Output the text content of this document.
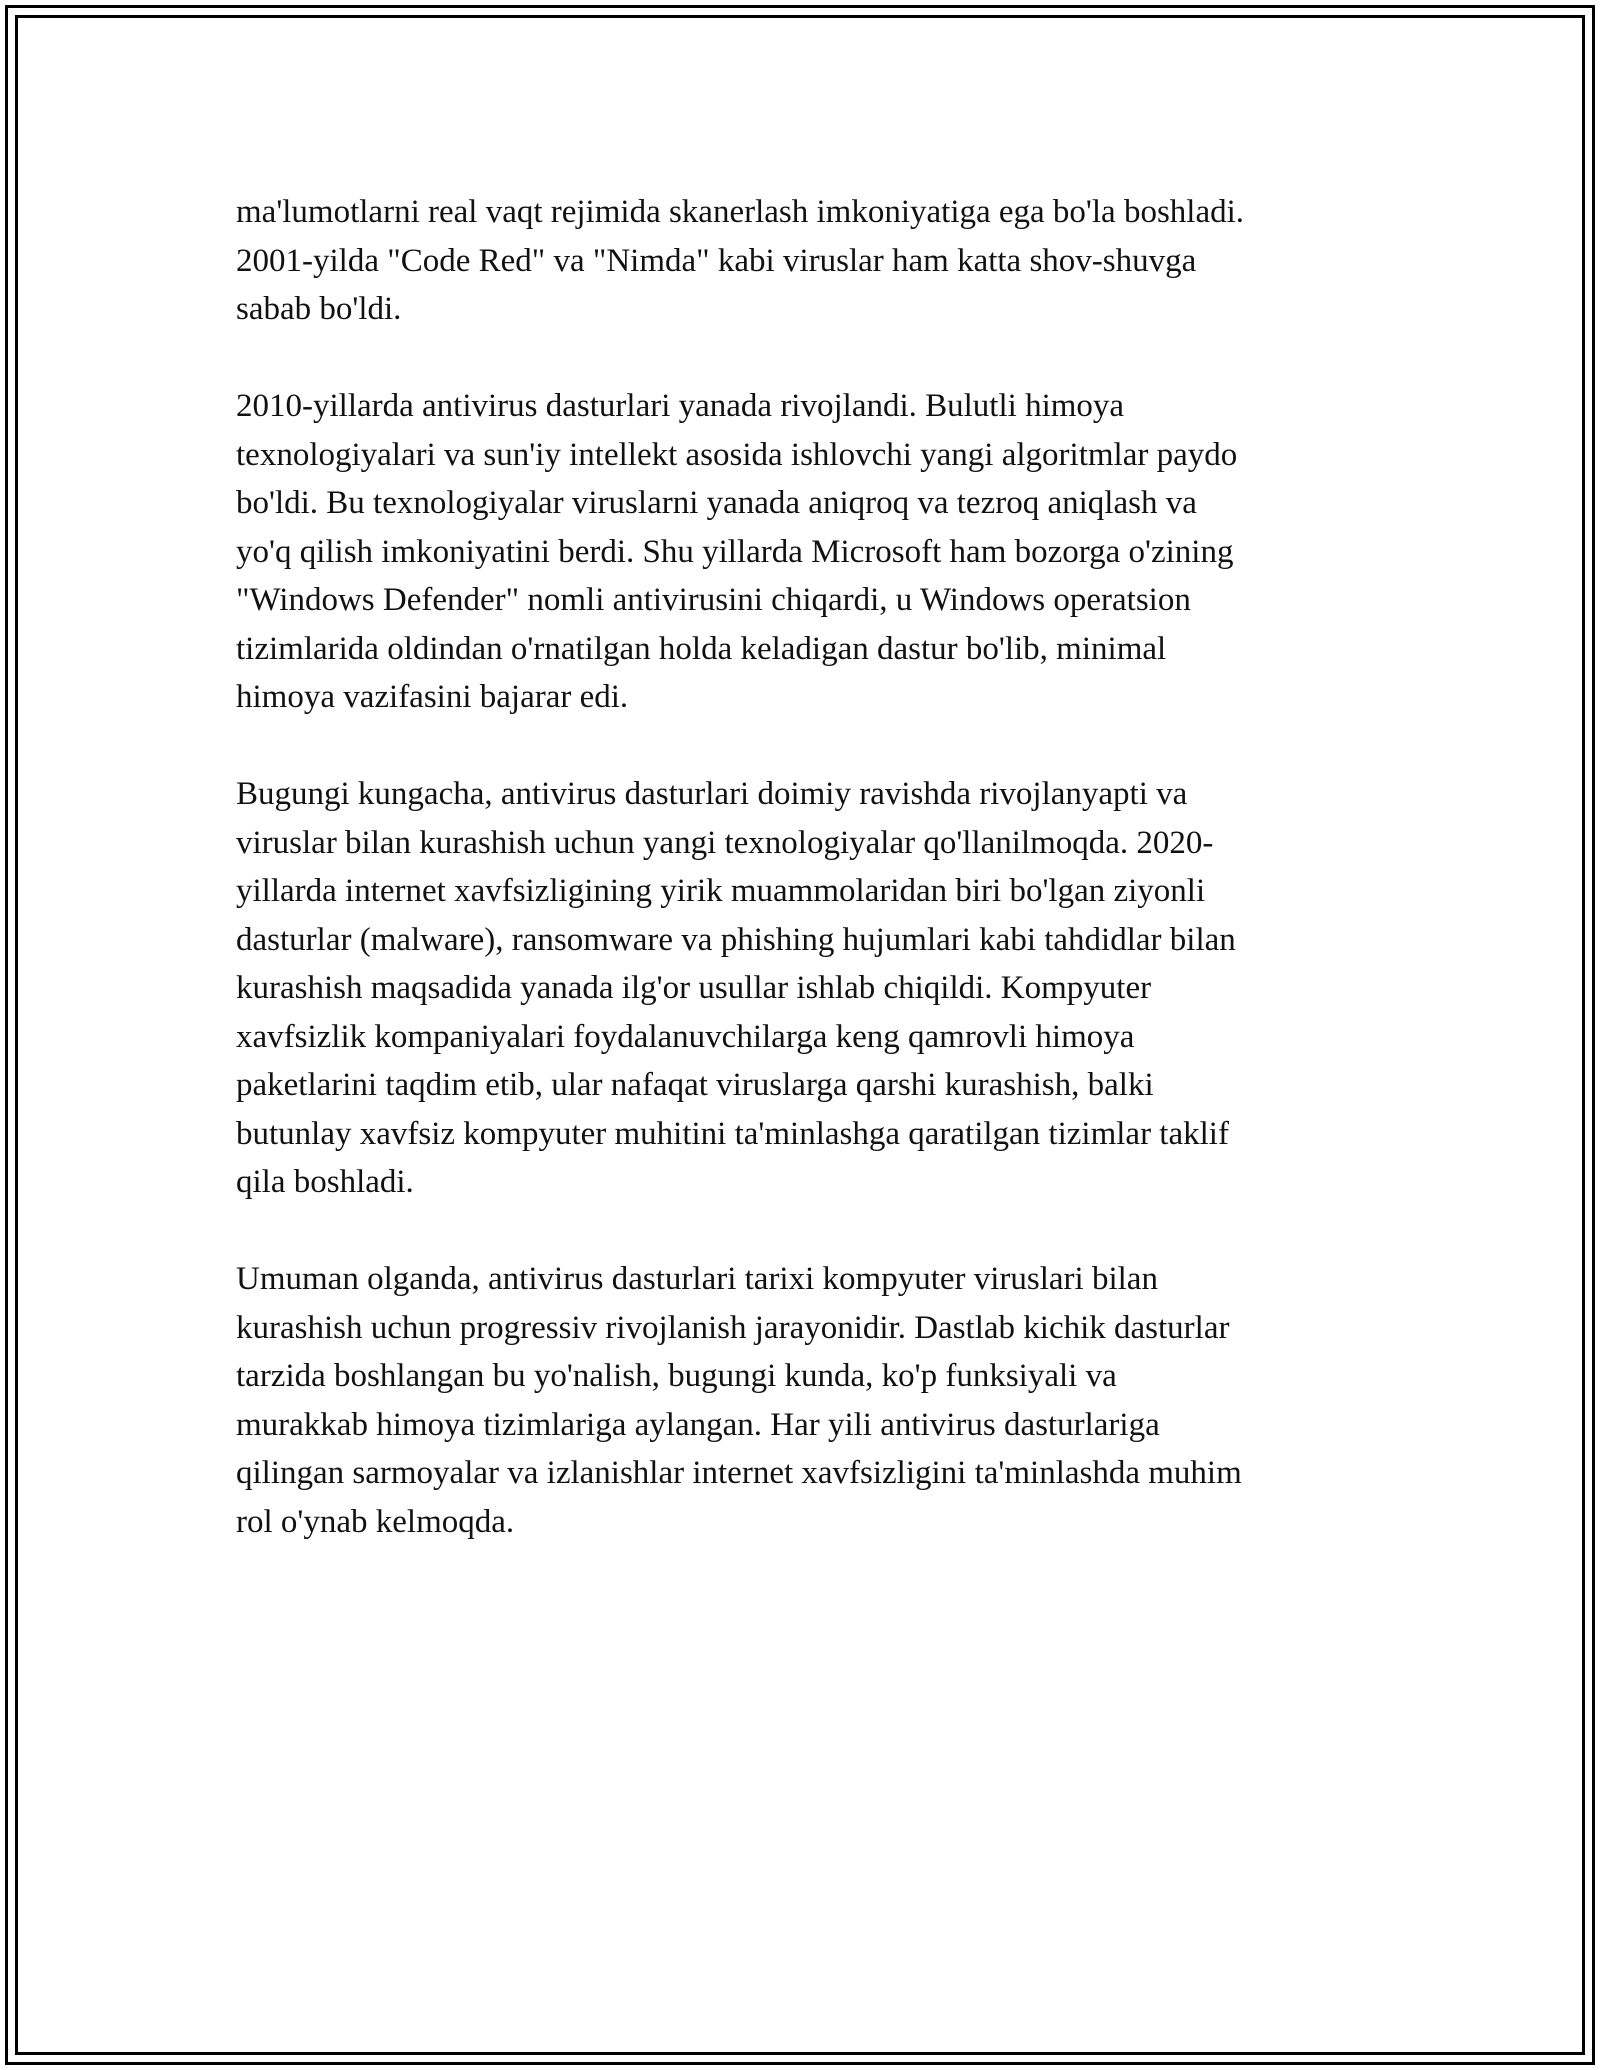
ma'lumotlarni real vaqt rejimida skanerlash imkoniyatiga ega bo'la boshladi.
2001-yilda "Code Red" va "Nimda" kabi viruslar ham katta shov-shuvga
sabab bo'ldi.

2010-yillarda antivirus dasturlari yanada rivojlandi. Bulutli himoya
texnologiyalari va sun'iy intellekt asosida ishlovchi yangi algoritmlar paydo
bo'ldi. Bu texnologiyalar viruslarni yanada aniqroq va tezroq aniqlash va
yo'q qilish imkoniyatini berdi. Shu yillarda Microsoft ham bozorga o'zining
"Windows Defender" nomli antivirusini chiqardi, u Windows operatsion
tizimlarida oldindan o'rnatilgan holda keladigan dastur bo'lib, minimal
himoya vazifasini bajarar edi.

Bugungi kungacha, antivirus dasturlari doimiy ravishda rivojlanyapti va
viruslar bilan kurashish uchun yangi texnologiyalar qo'llanilmoqda. 2020-
yillarda internet xavfsizligining yirik muammolaridan biri bo'lgan ziyonli
dasturlar (malware), ransomware va phishing hujumlari kabi tahdidlar bilan
kurashish maqsadida yanada ilg'or usullar ishlab chiqildi. Kompyuter
xavfsizlik kompaniyalari foydalanuvchilarga keng qamrovli himoya
paketlarini taqdim etib, ular nafaqat viruslarga qarshi kurashish, balki
butunlay xavfsiz kompyuter muhitini ta'minlashga qaratilgan tizimlar taklif
qila boshladi.

Umuman olganda, antivirus dasturlari tarixi kompyuter viruslari bilan
kurashish uchun progressiv rivojlanish jarayonidir. Dastlab kichik dasturlar
tarzida boshlangan bu yo'nalish, bugungi kunda, ko'p funksiyali va
murakkab himoya tizimlariga aylangan. Har yili antivirus dasturlariga
qilingan sarmoyalar va izlanishlar internet xavfsizligini ta'minlashda muhim
rol o'ynab kelmoqda.
